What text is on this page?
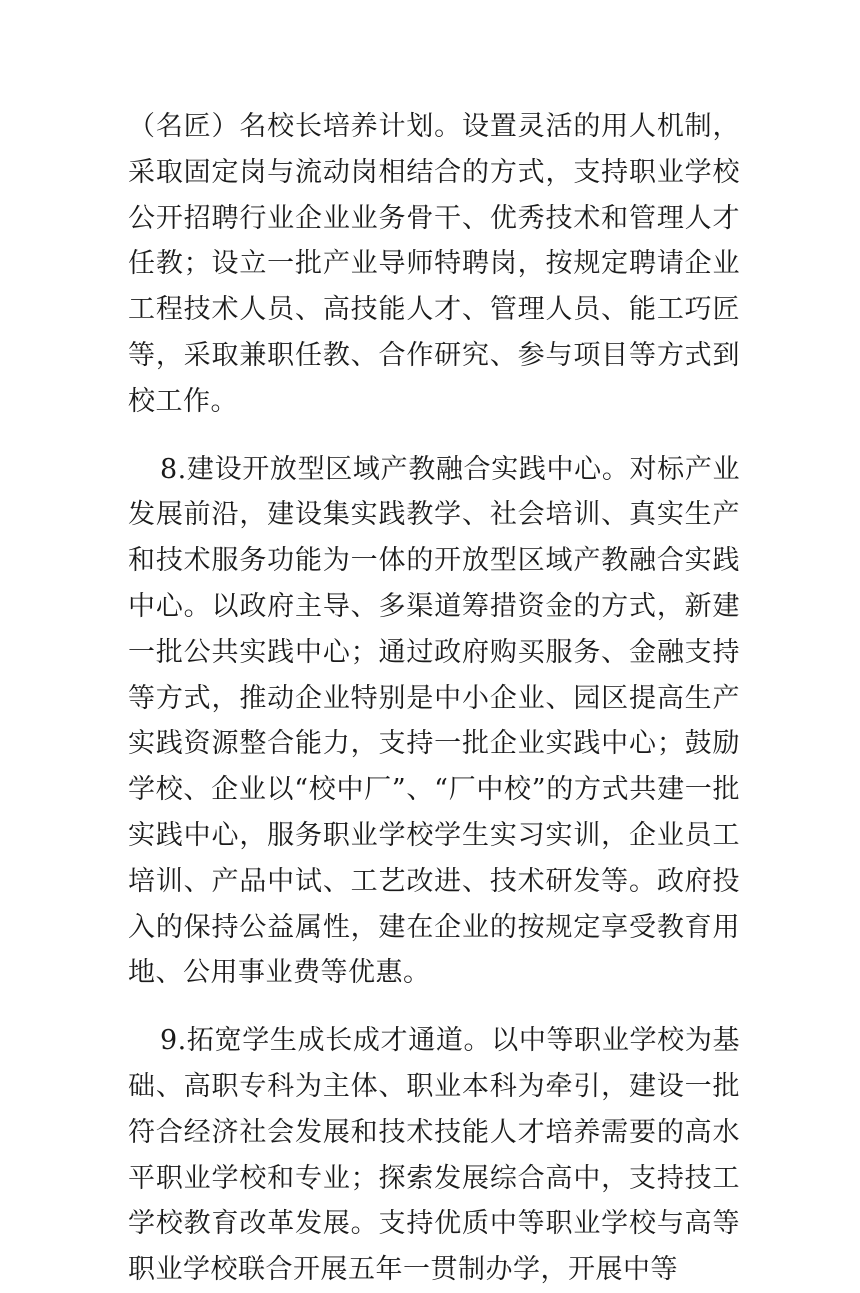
（名匠）名校长培养计划。设置灵活的用人机制，采取固定岗与流动岗相结合的方式，支持职业学校公开招聘行业企业业务骨干、优秀技术和管理人才任教；设立一批产业导师特聘岗，按规定聘请企业工程技术人员、高技能人才、管理人员、能工巧匠等，采取兼职任教、合作研究、参与项目等方式到校工作。

8.建设开放型区域产教融合实践中心。对标产业发展前沿，建设集实践教学、社会培训、真实生产和技术服务功能为一体的开放型区域产教融合实践中心。以政府主导、多渠道筹措资金的方式，新建一批公共实践中心；通过政府购买服务、金融支持等方式，推动企业特别是中小企业、园区提高生产实践资源整合能力，支持一批企业实践中心；鼓励学校、企业以“校中厂”、“厂中校”的方式共建一批实践中心，服务职业学校学生实习实训，企业员工培训、产品中试、工艺改进、技术研发等。政府投入的保持公益属性，建在企业的按规定享受教育用地、公用事业费等优惠。

9.拓宽学生成长成才通道。以中等职业学校为基础、高职专科为主体、职业本科为牵引，建设一批符合经济社会发展和技术技能人才培养需要的高水平职业学校和专业；探索发展综合高中，支持技工学校教育改革发展。支持优质中等职业学校与高等职业学校联合开展五年一贯制办学，开展中等
